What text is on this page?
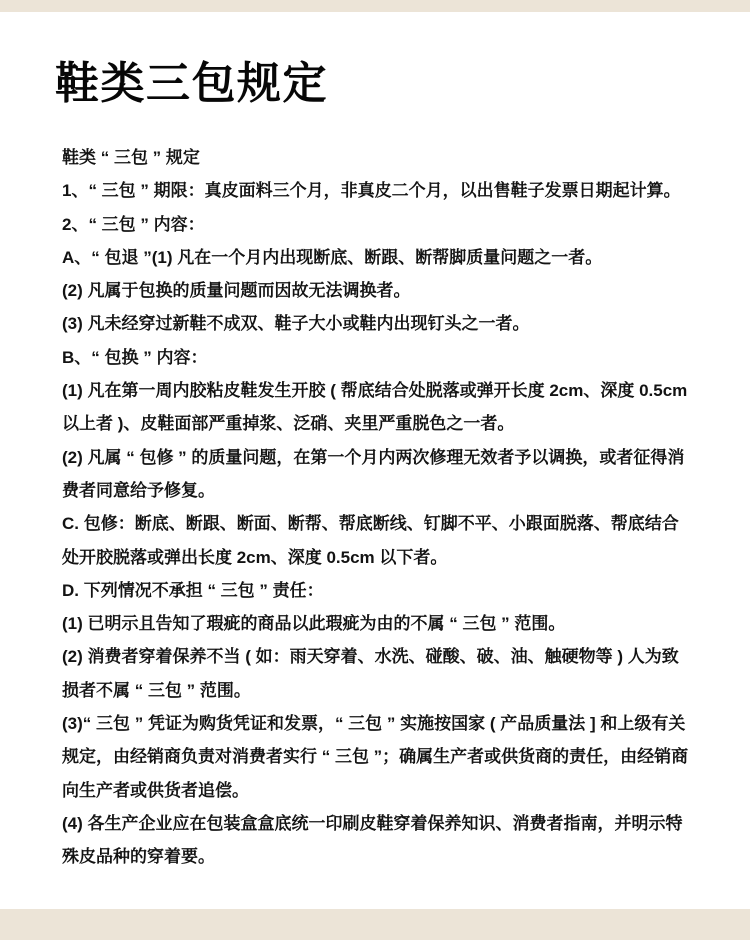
鞋类三包规定
鞋类 “ 三包 ” 规定
1、“ 三包 ” 期限：真皮面料三个月，非真皮二个月，以出售鞋子发票日期起计算。
2、“ 三包 ” 内容：
A、“ 包退 ”(1) 凡在一个月内出现断底、断跟、断帮脚质量问题之一者。
(2) 凡属于包换的质量问题而因故无法调换者。
(3) 凡未经穿过新鞋不成双、鞋子大小或鞋内出现钉头之一者。
B、“ 包换 ” 内容：
(1) 凡在第一周内胶粘皮鞋发生开胶 ( 帮底结合处脱落或弹开长度 2cm、深度 0.5cm
以上者 )、皮鞋面部严重掉浆、泛硝、夹里严重脱色之一者。
(2) 凡属 “ 包修 ” 的质量问题，在第一个月内两次修理无效者予以调换，或者征得消
费者同意给予修复。
C. 包修：断底、断跟、断面、断帮、帮底断线、钉脚不平、小跟面脱落、帮底结合
处开胶脱落或弹出长度 2cm、深度 0.5cm 以下者。
D. 下列情况不承担 “ 三包 ” 责任：
(1) 已明示且告知了瑕疵的商品以此瑕疵为由的不属 “ 三包 ” 范围。
(2) 消费者穿着保养不当 ( 如：雨天穿着、水洗、碰酸、破、油、触硬物等 ) 人为致
损者不属 “ 三包 ” 范围。
(3)“ 三包 ” 凭证为购货凭证和发票，“ 三包 ” 实施按国家 ( 产品质量法 ] 和上级有关
规定，由经销商负责对消费者实行 “ 三包 ”；确属生产者或供货商的责任，由经销商
向生产者或供货者追偿。
(4) 各生产企业应在包装盒盒底统一印刷皮鞋穿着保养知识、消费者指南，并明示特
殊皮品种的穿着要。
